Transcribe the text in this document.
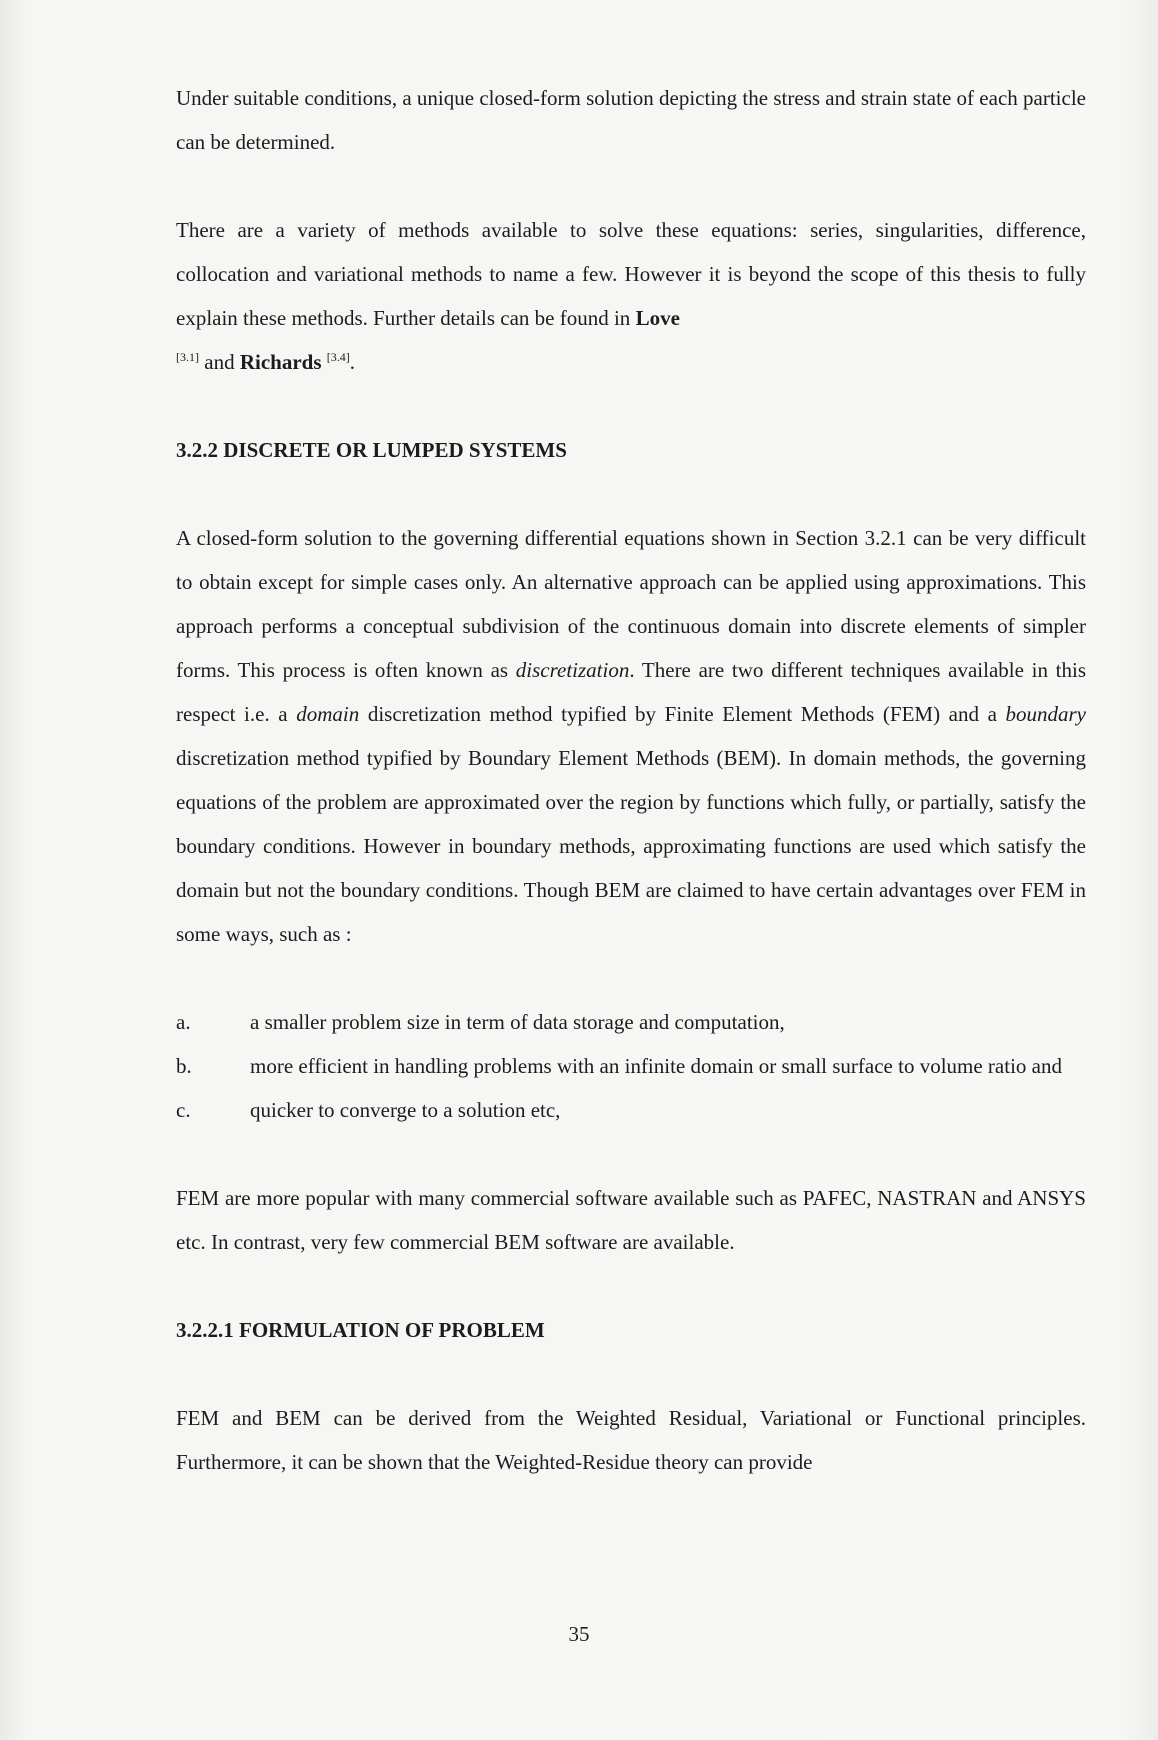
Under suitable conditions, a unique closed-form solution depicting the stress and strain state of each particle can be determined.

There are a variety of methods available to solve these equations: series, singularities, difference, collocation and variational methods to name a few. However it is beyond the scope of this thesis to fully explain these methods. Further details can be found in Love
[3.1] and Richards [3.4].

3.2.2 DISCRETE OR LUMPED SYSTEMS

A closed-form solution to the governing differential equations shown in Section 3.2.1 can be very difficult to obtain except for simple cases only. An alternative approach can be applied using approximations. This approach performs a conceptual subdivision of the continuous domain into discrete elements of simpler forms. This process is often known as discretization. There are two different techniques available in this respect i.e. a domain discretization method typified by Finite Element Methods (FEM) and a boundary discretization method typified by Boundary Element Methods (BEM). In domain methods, the governing equations of the problem are approximated over the region by functions which fully, or partially, satisfy the boundary conditions. However in boundary methods, approximating functions are used which satisfy the domain but not the boundary conditions. Though BEM are claimed to have certain advantages over FEM in some ways, such as :

a.	a smaller problem size in term of data storage and computation,
b.	more efficient in handling problems with an infinite domain or small surface to volume ratio and
c.	quicker to converge to a solution etc,

FEM are more popular with many commercial software available such as PAFEC, NASTRAN and ANSYS etc. In contrast, very few commercial BEM software are available.

3.2.2.1 FORMULATION OF PROBLEM

FEM and BEM can be derived from the Weighted Residual, Variational or Functional principles. Furthermore, it can be shown that the Weighted-Residue theory can provide

35
